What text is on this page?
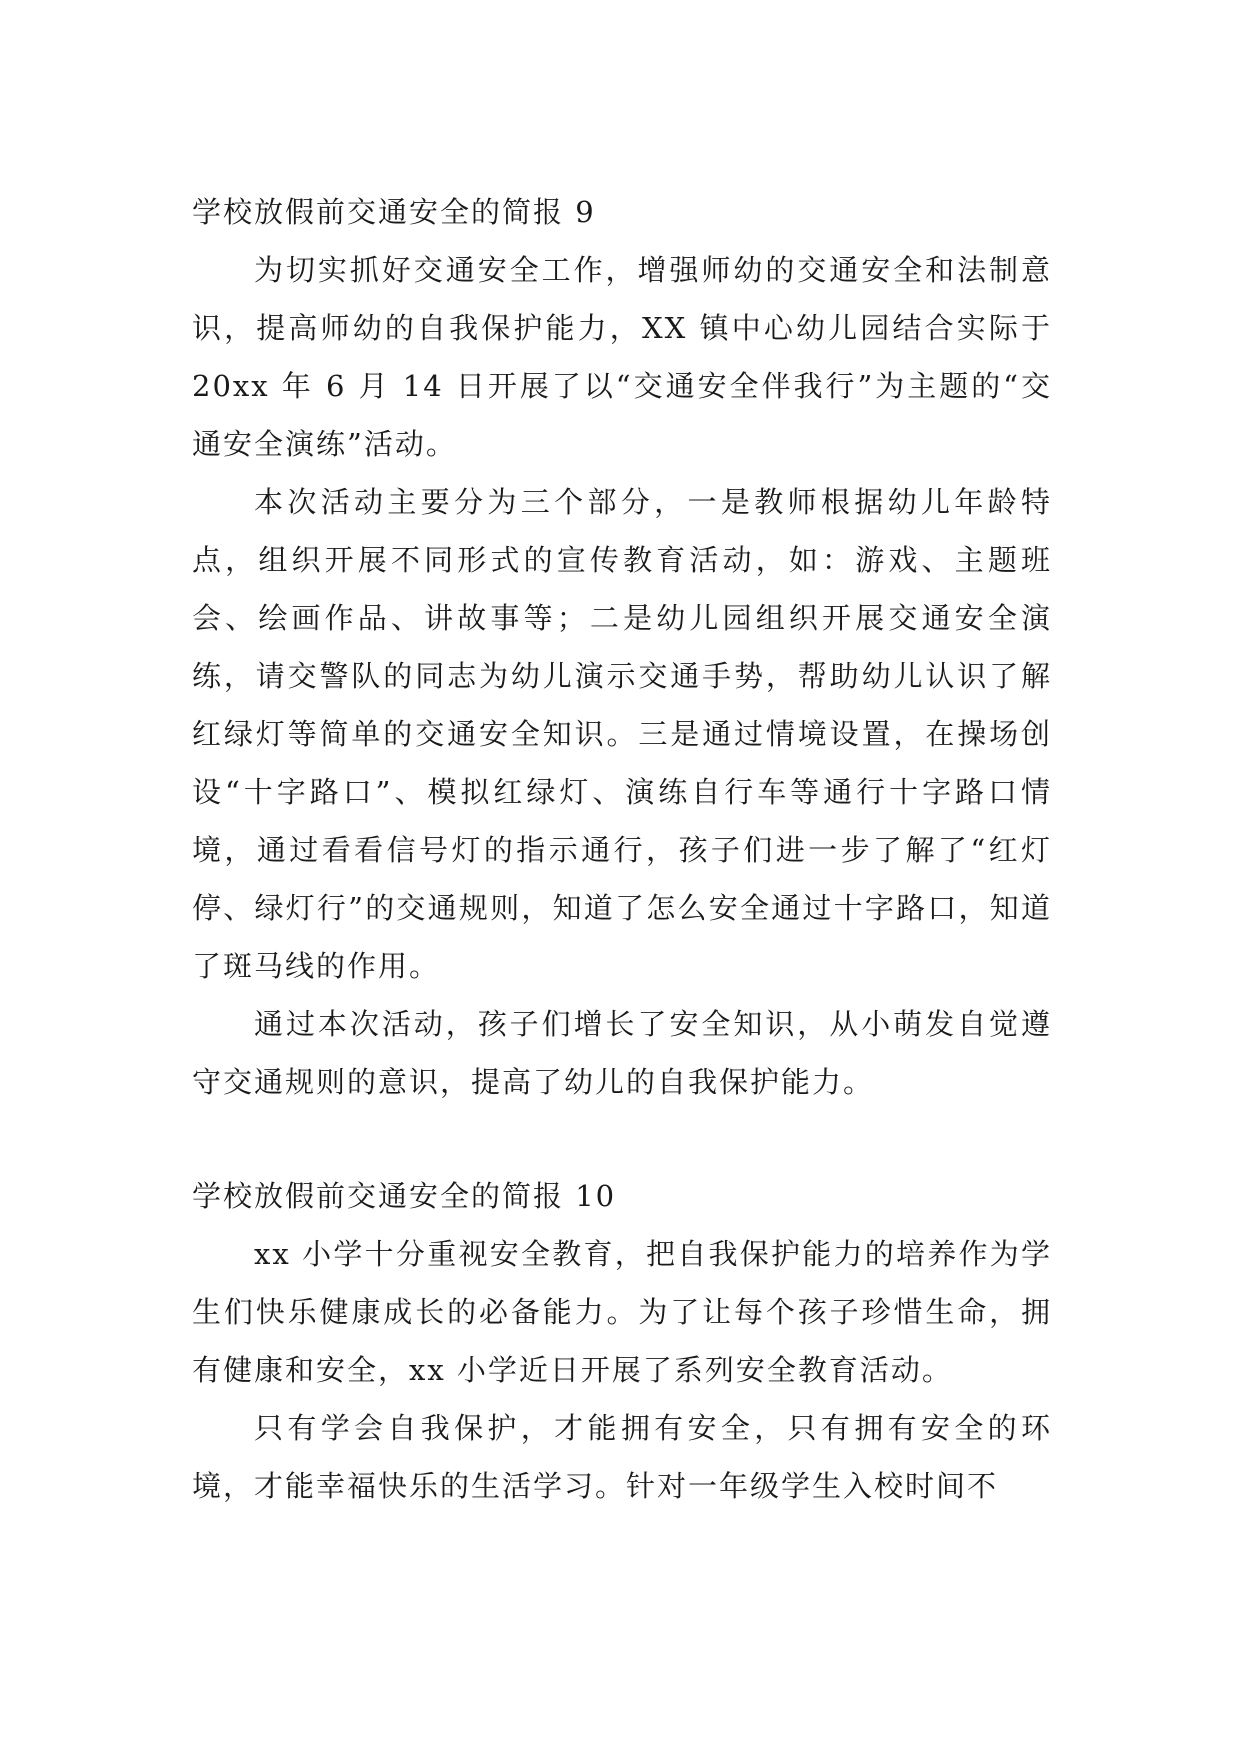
学校放假前交通安全的简报 9

为切实抓好交通安全工作，增强师幼的交通安全和法制意识，提高师幼的自我保护能力，XX 镇中心幼儿园结合实际于 20xx 年 6 月 14 日开展了以“交通安全伴我行”为主题的“交通安全演练”活动。

本次活动主要分为三个部分，一是教师根据幼儿年龄特点，组织开展不同形式的宣传教育活动，如：游戏、主题班会、绘画作品、讲故事等；二是幼儿园组织开展交通安全演练，请交警队的同志为幼儿演示交通手势，帮助幼儿认识了解红绿灯等简单的交通安全知识。三是通过情境设置，在操场创设“十字路口”、模拟红绿灯、演练自行车等通行十字路口情境，通过看看信号灯的指示通行，孩子们进一步了解了“红灯停、绿灯行”的交通规则，知道了怎么安全通过十字路口，知道了斑马线的作用。

通过本次活动，孩子们增长了安全知识，从小萌发自觉遵守交通规则的意识，提高了幼儿的自我保护能力。

学校放假前交通安全的简报 10

xx 小学十分重视安全教育，把自我保护能力的培养作为学生们快乐健康成长的必备能力。为了让每个孩子珍惜生命，拥有健康和安全，xx 小学近日开展了系列安全教育活动。

只有学会自我保护，才能拥有安全，只有拥有安全的环境，才能幸福快乐的生活学习。针对一年级学生入校时间不
